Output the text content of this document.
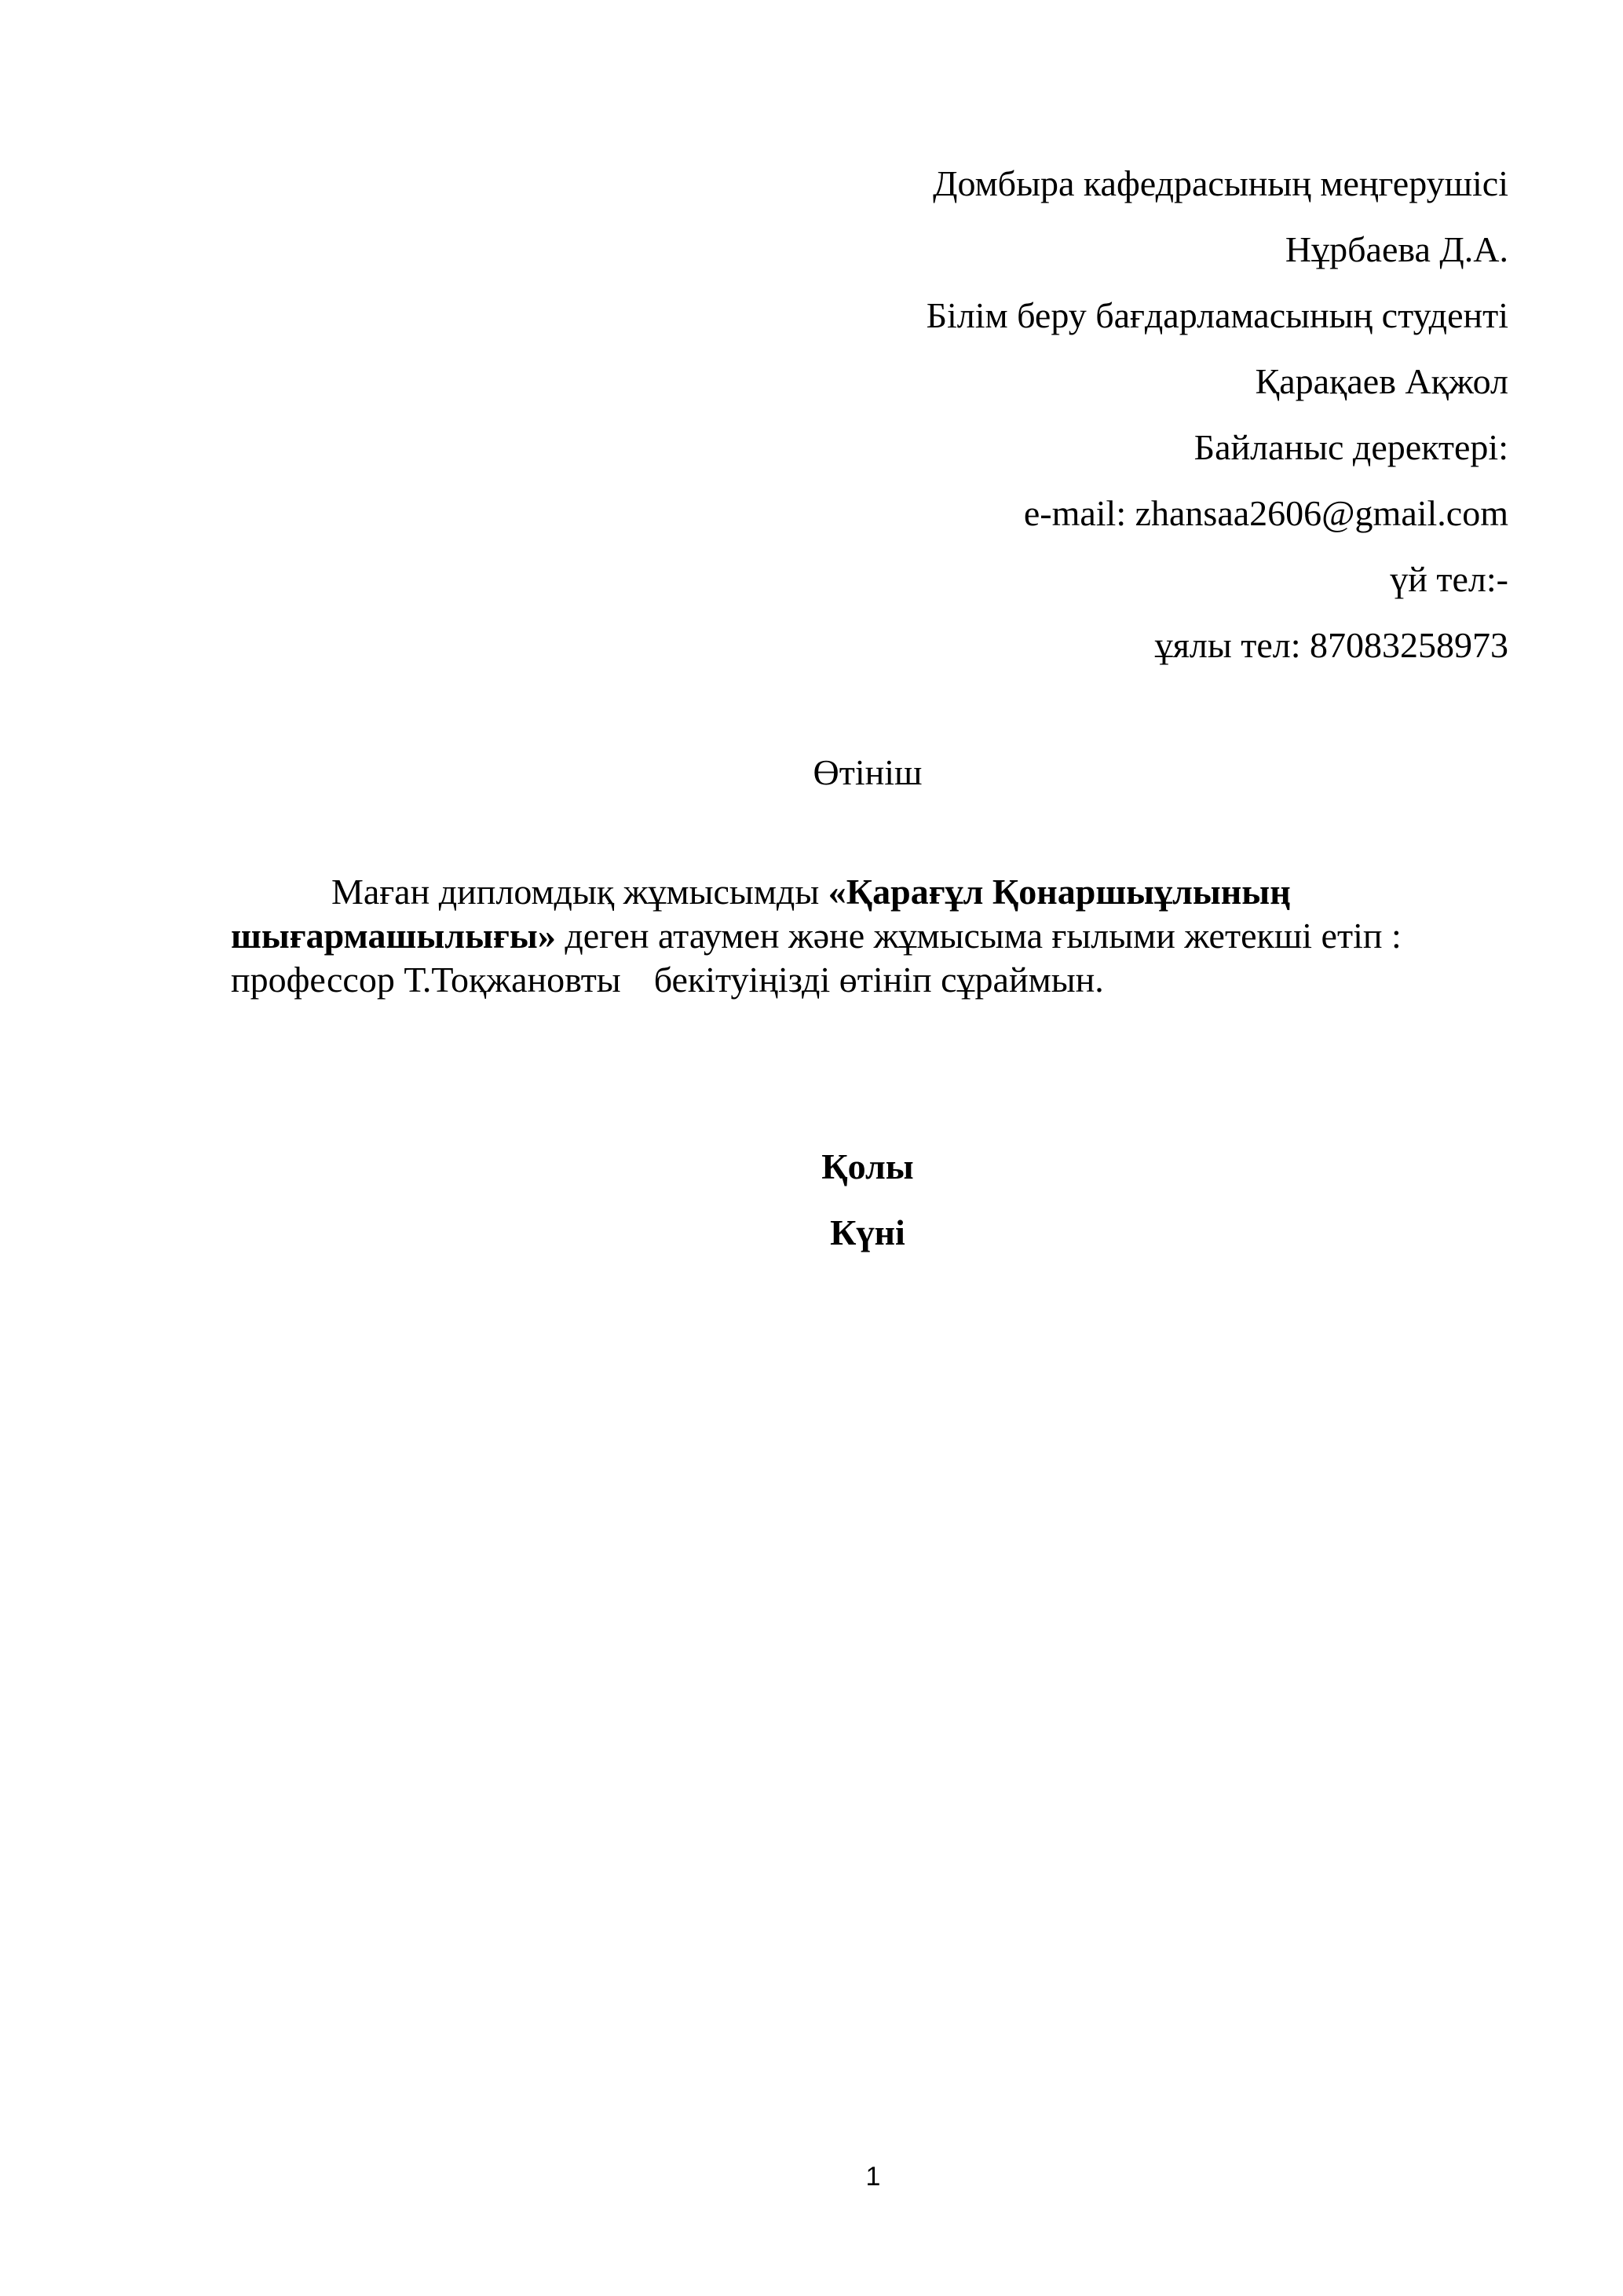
Домбыра кафедрасының меңгерушісі
Нұрбаева Д.А.
Білім беру бағдарламасының студенті
Қарақаев Ақжол
Байланыс деректері:
e-mail: zhansaa2606@gmail.com
үй тел:-
ұялы тел: 87083258973
Өтініш
Маған дипломдық жұмысымды «Қарағұл Қонаршыұлының
шығармашылығы» деген атаумен және жұмысыма ғылыми жетекші етіп :
профессор Т.Тоқжановты бекітуіңізді өтініп сұраймын.
Қолы
Күні
1
